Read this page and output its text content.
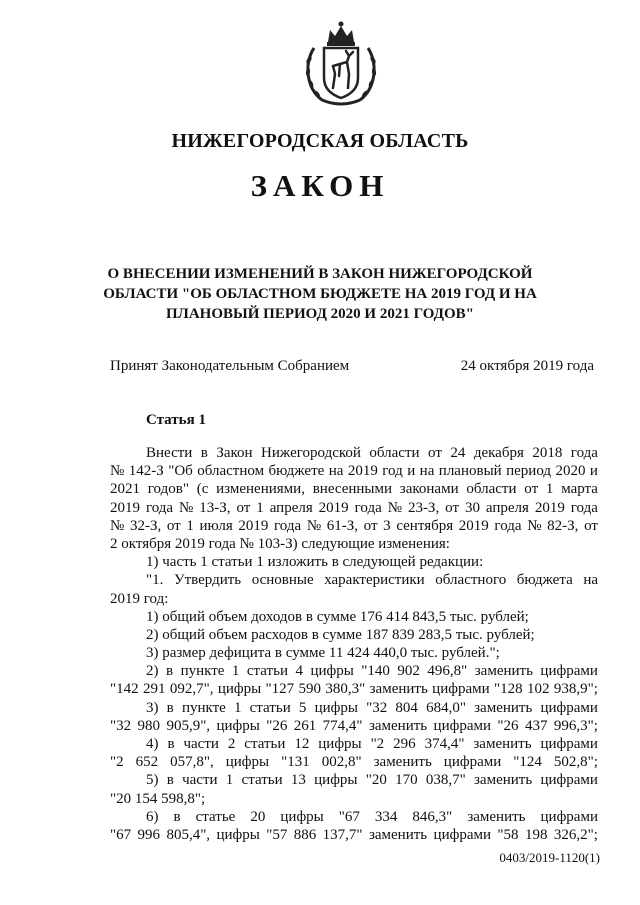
НИЖЕГОРОДСКАЯ ОБЛАСТЬ
ЗАКОН
О ВНЕСЕНИИ ИЗМЕНЕНИЙ В ЗАКОН НИЖЕГОРОДСКОЙ
ОБЛАСТИ "ОБ ОБЛАСТНОМ БЮДЖЕТЕ НА 2019 ГОД И НА
ПЛАНОВЫЙ ПЕРИОД 2020 И 2021 ГОДОВ"
Принят Законодательным Собранием	24 октября 2019 года
Статья 1
Внести в Закон Нижегородской области от 24 декабря 2018 года
№ 142-З "Об областном бюджете на 2019 год и на плановый период 2020 и
2021 годов" (с изменениями, внесенными законами области от 1 марта
2019 года № 13-З, от 1 апреля 2019 года № 23-З, от 30 апреля 2019 года
№ 32-З, от 1 июля 2019 года № 61-З, от 3 сентября 2019 года № 82-З, от
2 октября 2019 года № 103-З) следующие изменения:
1) часть 1 статьи 1 изложить в следующей редакции:
"1. Утвердить основные характеристики областного бюджета на
2019 год:
1) общий объем доходов в сумме 176 414 843,5 тыс. рублей;
2) общий объем расходов в сумме 187 839 283,5 тыс. рублей;
3) размер дефицита в сумме 11 424 440,0 тыс. рублей.";
2) в пункте 1 статьи 4 цифры "140 902 496,8" заменить цифрами
"142 291 092,7", цифры "127 590 380,3" заменить цифрами "128 102 938,9";
3) в пункте 1 статьи 5 цифры "32 804 684,0" заменить цифрами
"32 980 905,9", цифры "26 261 774,4" заменить цифрами "26 437 996,3";
4) в части 2 статьи 12 цифры "2 296 374,4" заменить цифрами
"2 652 057,8", цифры "131 002,8" заменить цифрами "124 502,8";
5) в части 1 статьи 13 цифры "20 170 038,7" заменить цифрами
"20 154 598,8";
6) в статье 20 цифры "67 334 846,3" заменить цифрами
"67 996 805,4", цифры "57 886 137,7" заменить цифрами "58 198 326,2";
0403/2019-1120(1)
